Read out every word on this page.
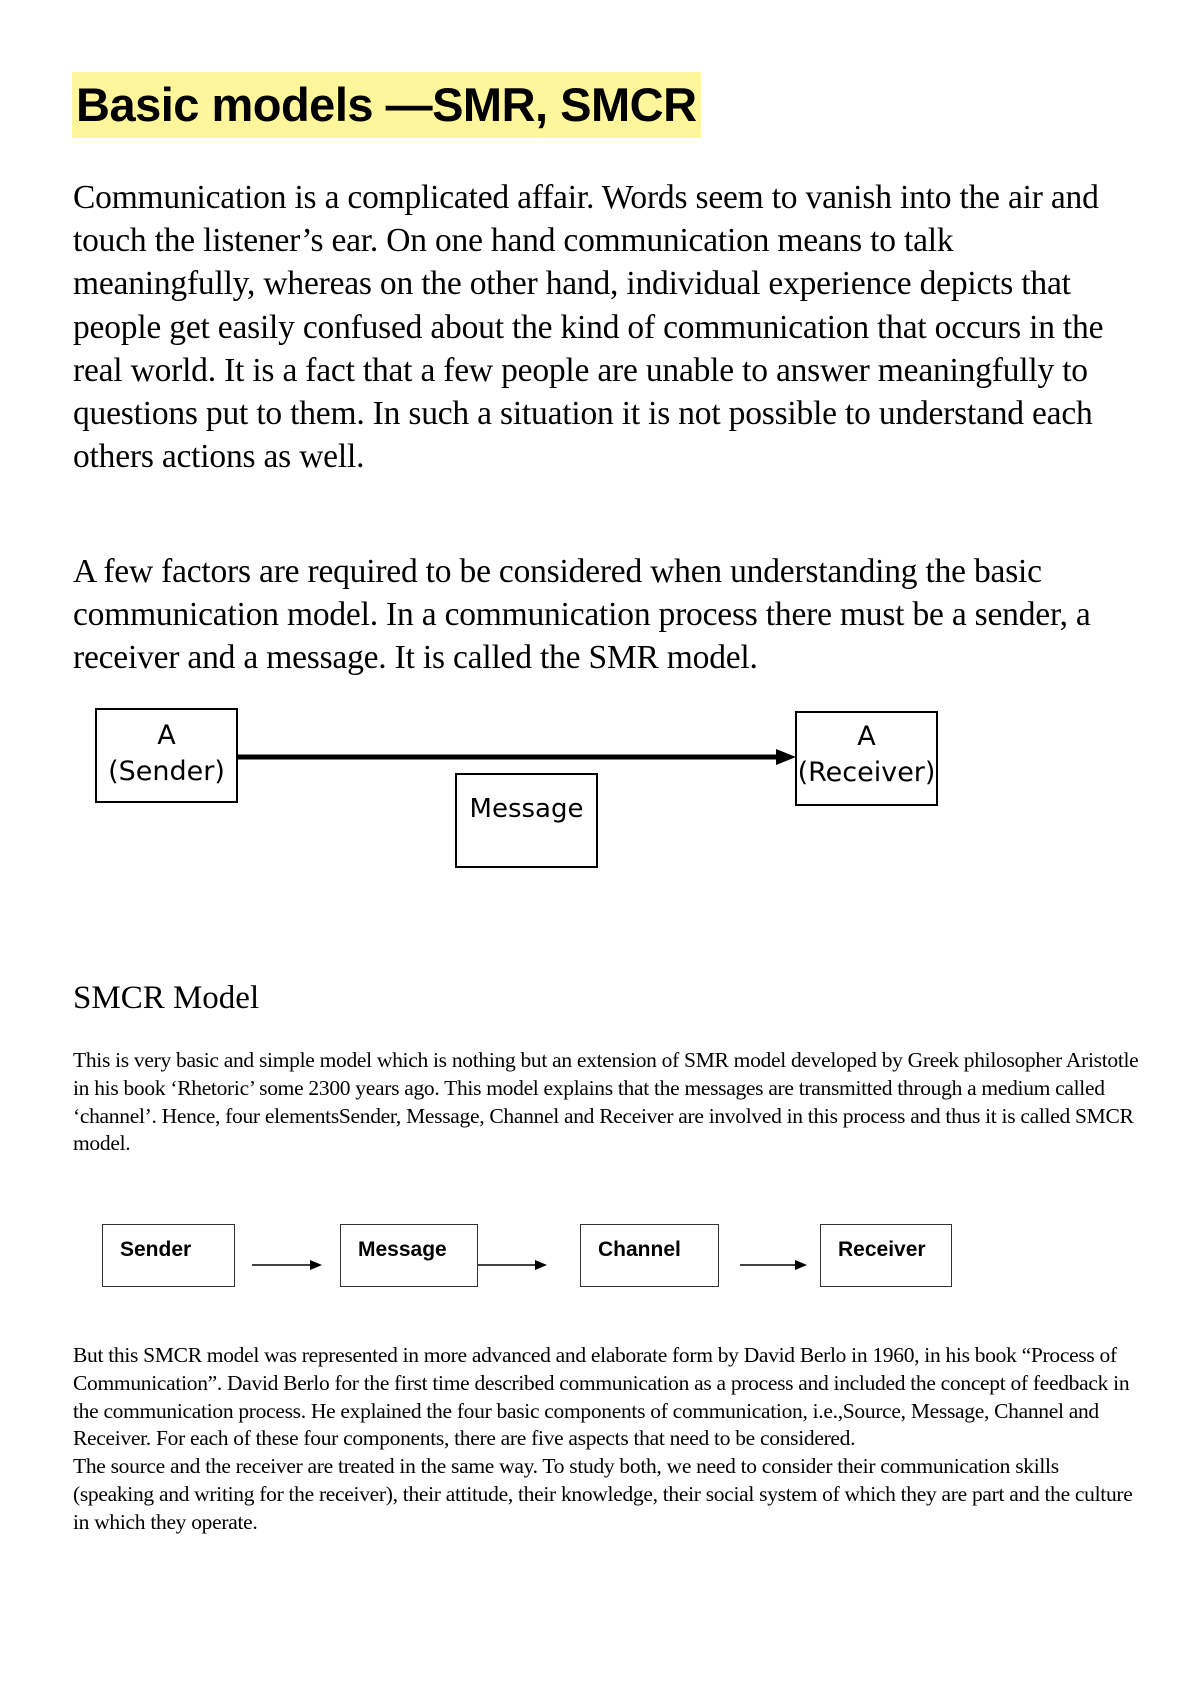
Basic models —SMR, SMCR

Communication is a complicated affair. Words seem to vanish into the air and touch the listener’s ear. On one hand communication means to talk meaningfully, whereas on the other hand, individual experience depicts that people get easily confused about the kind of communication that occurs in the real world. It is a fact that a few people are unable to answer meaningfully to questions put to them. In such a situation it is not possible to understand each others actions as well.

A few factors are required to be considered when understanding the basic communication model. In a communication process there must be a sender, a receiver and a message. It is called the SMR model.

A
(Sender)
A
(Receiver)
Message
SMCR Model

This is very basic and simple model which is nothing but an extension of SMR model developed by Greek philosopher Aristotle in his book ‘Rhetoric’ some 2300 years ago. This model explains that the messages are transmitted through a medium called ‘channel’. Hence, four elementsSender, Message, Channel and Receiver are involved in this process and thus it is called SMCR model.

Sender	Message	Channel	Receiver

But this SMCR model was represented in more advanced and elaborate form by David Berlo in 1960, in his book “Process of Communication”. David Berlo for the first time described communication as a process and included the concept of feedback in the communication process. He explained the four basic components of communication, i.e.,Source, Message, Channel and Receiver. For each of these four components, there are five aspects that need to be considered.

The source and the receiver are treated in the same way. To study both, we need to consider their communication skills (speaking and writing for the receiver), their attitude, their knowledge, their social system of which they are part and the culture in which they operate.
